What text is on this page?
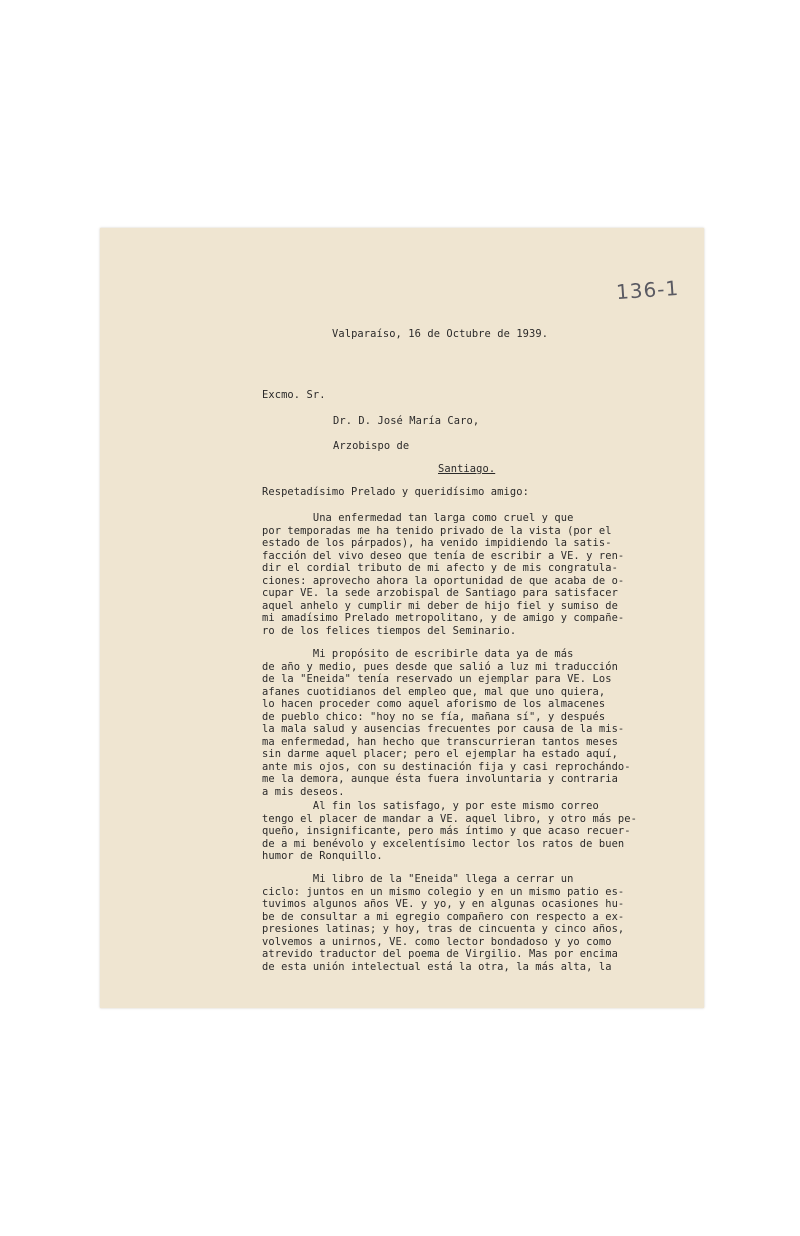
136-1
Valparaíso, 16 de Octubre de 1939.
Excmo. Sr.
Dr. D. José María Caro,
Arzobispo de
Santiago.
Respetadísimo Prelado y queridísimo amigo:
Una enfermedad tan larga como cruel y que
por temporadas me ha tenido privado de la vista (por el
estado de los párpados), ha venido impidiendo la satis-
facción del vivo deseo que tenía de escribir a VE. y ren-
dir el cordial tributo de mi afecto y de mis congratula-
ciones: aprovecho ahora la oportunidad de que acaba de o-
cupar VE. la sede arzobispal de Santiago para satisfacer
aquel anhelo y cumplir mi deber de hijo fiel y sumiso de
mi amadísimo Prelado metropolitano, y de amigo y compañe-
ro de los felices tiempos del Seminario.
Mi propósito de escribirle data ya de más
de año y medio, pues desde que salió a luz mi traducción
de la "Eneida" tenía reservado un ejemplar para VE. Los
afanes cuotidianos del empleo que, mal que uno quiera,
lo hacen proceder como aquel aforismo de los almacenes
de pueblo chico: "hoy no se fía, mañana sí", y después
la mala salud y ausencias frecuentes por causa de la mis-
ma enfermedad, han hecho que transcurrieran tantos meses
sin darme aquel placer; pero el ejemplar ha estado aquí,
ante mis ojos, con su destinación fija y casi reprochándo-
me la demora, aunque ésta fuera involuntaria y contraria
a mis deseos.
Al fin los satisfago, y por este mismo correo
tengo el placer de mandar a VE. aquel libro, y otro más pe-
queño, insignificante, pero más íntimo y que acaso recuer-
de a mi benévolo y excelentísimo lector los ratos de buen
humor de Ronquillo.
Mi libro de la "Eneida" llega a cerrar un
ciclo: juntos en un mismo colegio y en un mismo patio es-
tuvimos algunos años VE. y yo, y en algunas ocasiones hu-
be de consultar a mi egregio compañero con respecto a ex-
presiones latinas; y hoy, tras de cincuenta y cinco años,
volvemos a unirnos, VE. como lector bondadoso y yo como
atrevido traductor del poema de Virgilio. Mas por encima
de esta unión intelectual está la otra, la más alta, la
